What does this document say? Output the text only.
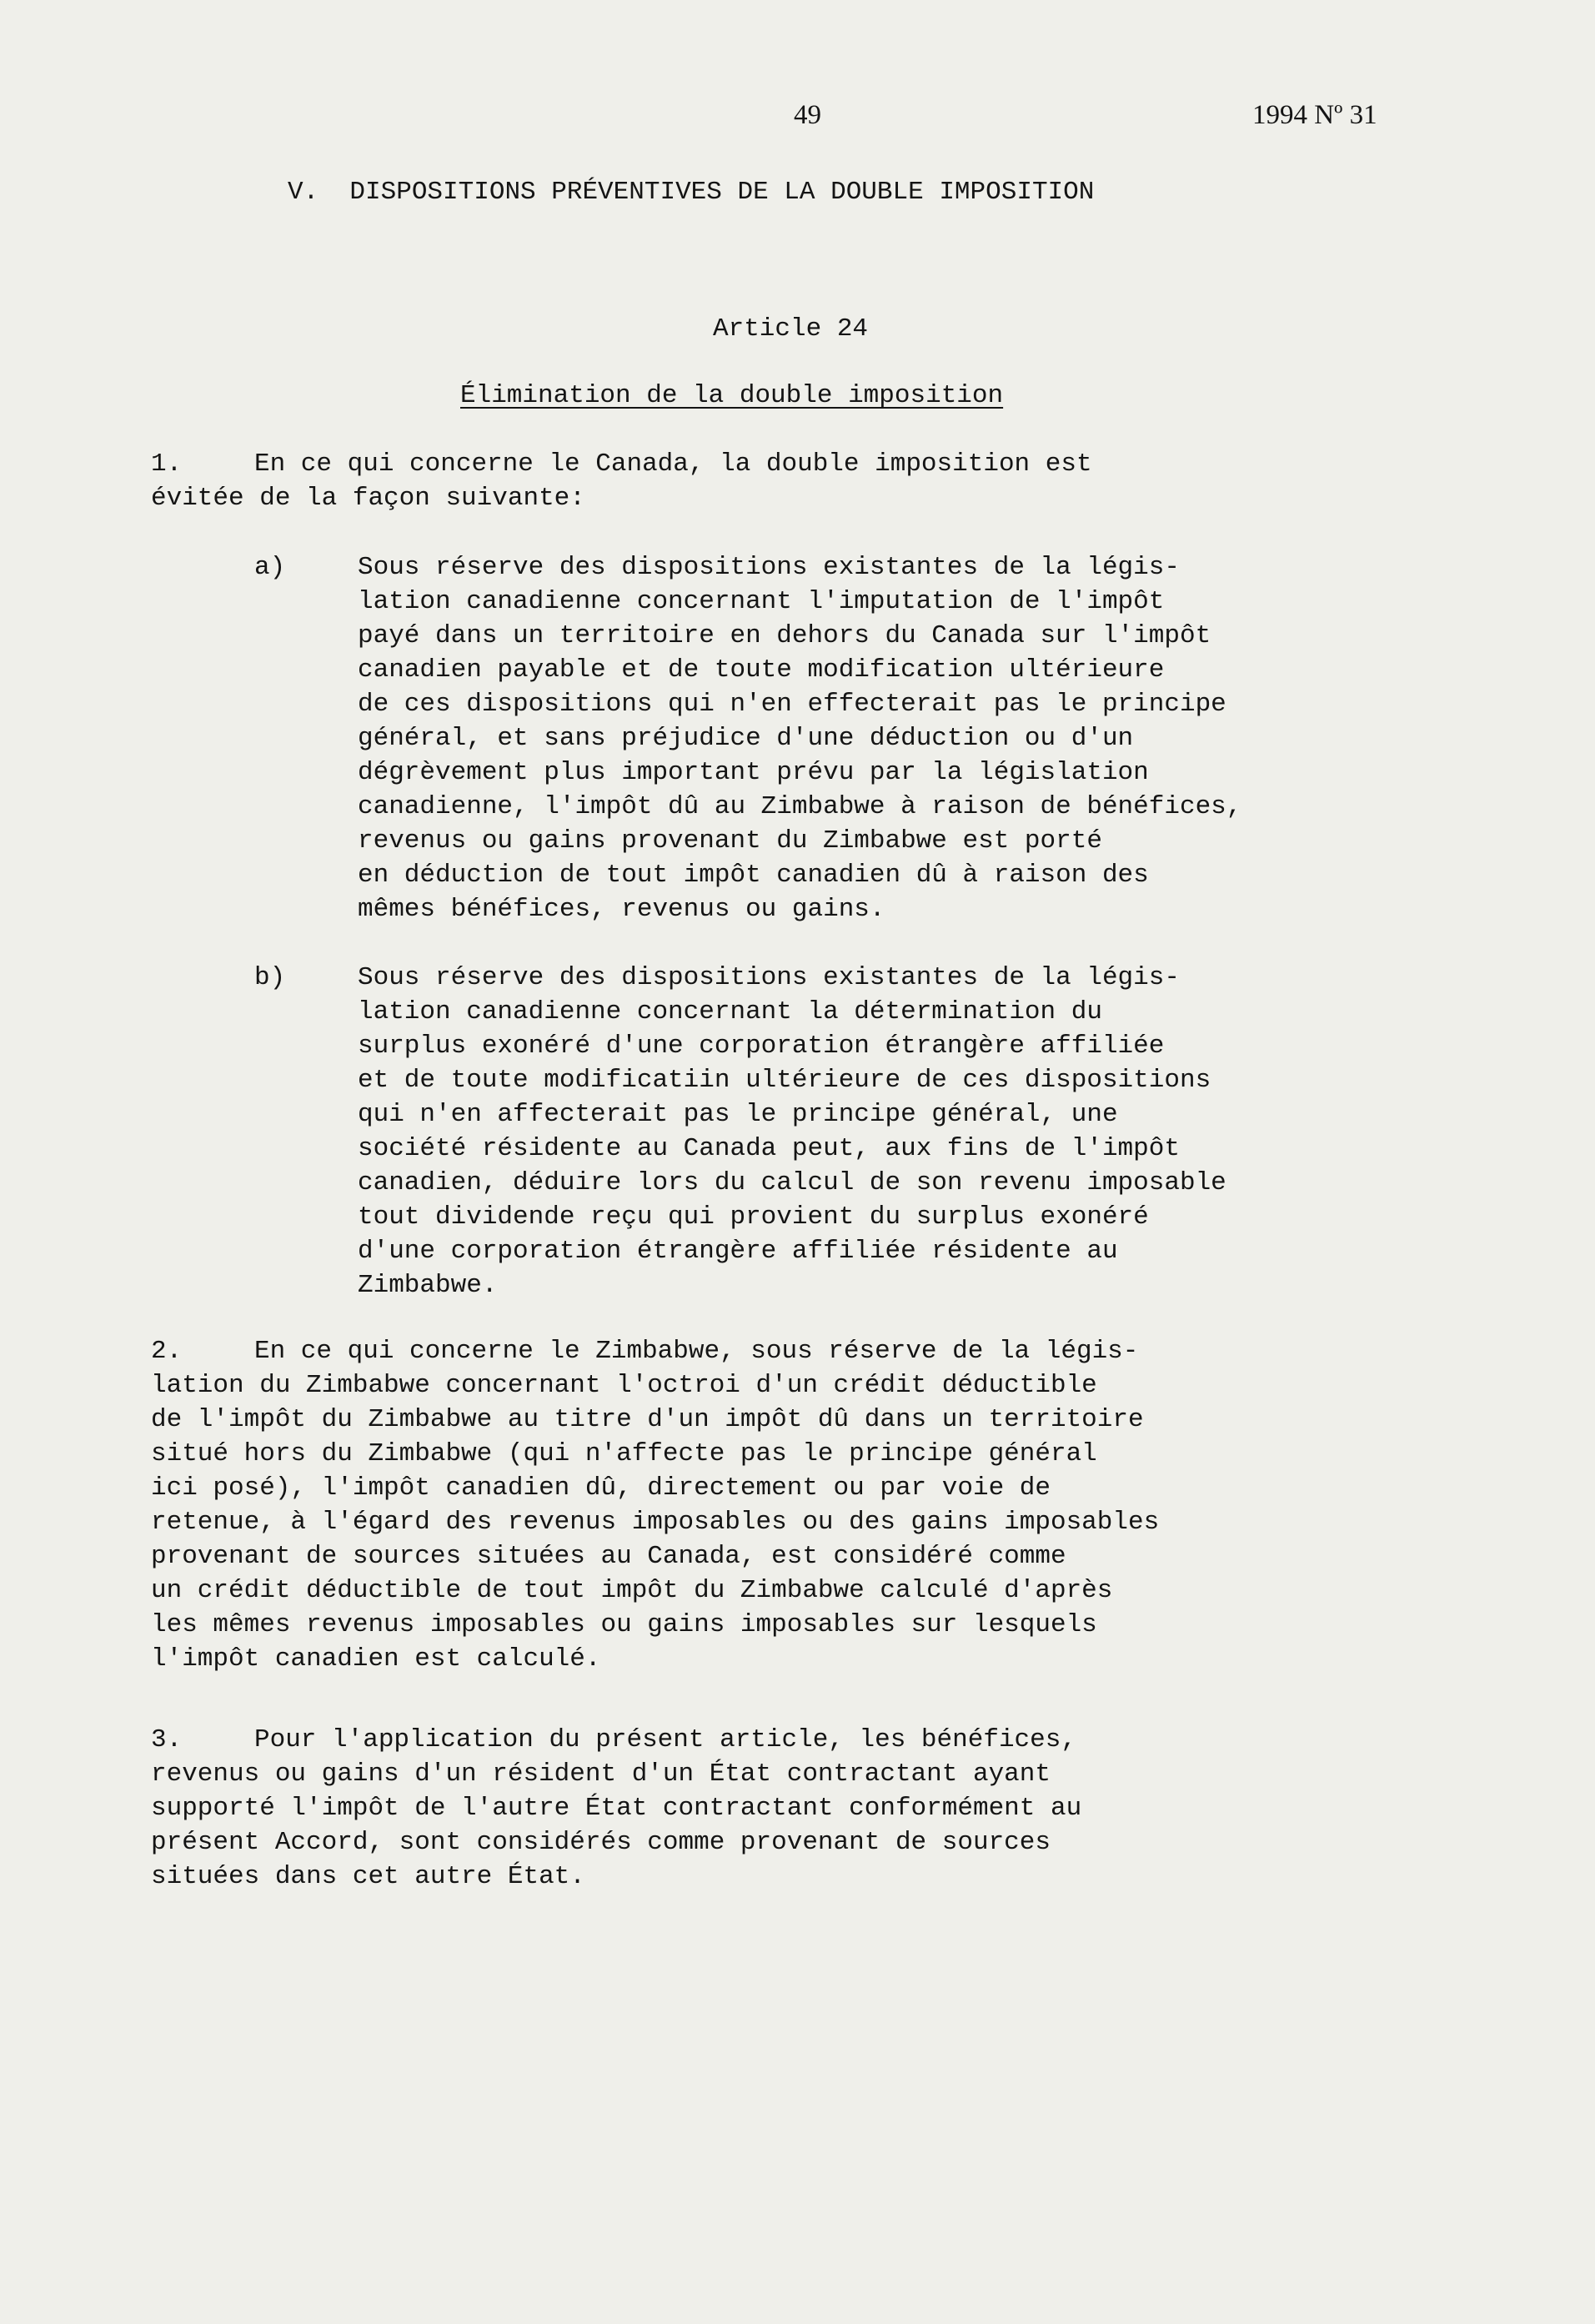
49	1994 Nº 31
V.  DISPOSITIONS PRÉVENTIVES DE LA DOUBLE IMPOSITION
Article 24
Élimination de la double imposition

1.

	En ce qui concerne le Canada, la double imposition est
évitée de la façon suivante:

a)

	Sous réserve des dispositions existantes de la légis-
lation canadienne concernant l'imputation de l'impôt
payé dans un territoire en dehors du Canada sur l'impôt
canadien payable et de toute modification ultérieure
de ces dispositions qui n'en effecterait pas le principe
général, et sans préjudice d'une déduction ou d'un
dégrèvement plus important prévu par la législation
canadienne, l'impôt dû au Zimbabwe à raison de bénéfices,
revenus ou gains provenant du Zimbabwe est porté
en déduction de tout impôt canadien dû à raison des
mêmes bénéfices, revenus ou gains.

b)

	Sous réserve des dispositions existantes de la légis-
lation canadienne concernant la détermination du
surplus exonéré d'une corporation étrangère affiliée
et de toute modificatiin ultérieure de ces dispositions
qui n'en affecterait pas le principe général, une
société résidente au Canada peut, aux fins de l'impôt
canadien, déduire lors du calcul de son revenu imposable
tout dividende reçu qui provient du surplus exonéré
d'une corporation étrangère affiliée résidente au
Zimbabwe.

2.

	En ce qui concerne le Zimbabwe, sous réserve de la légis-
lation du Zimbabwe concernant l'octroi d'un crédit déductible
de l'impôt du Zimbabwe au titre d'un impôt dû dans un territoire
situé hors du Zimbabwe (qui n'affecte pas le principe général
ici posé), l'impôt canadien dû, directement ou par voie de
retenue, à l'égard des revenus imposables ou des gains imposables
provenant de sources situées au Canada, est considéré comme
un crédit déductible de tout impôt du Zimbabwe calculé d'après
les mêmes revenus imposables ou gains imposables sur lesquels
l'impôt canadien est calculé.

3.

	Pour l'application du présent article, les bénéfices,
revenus ou gains d'un résident d'un État contractant ayant
supporté l'impôt de l'autre État contractant conformément au
présent Accord, sont considérés comme provenant de sources
situées dans cet autre État.
